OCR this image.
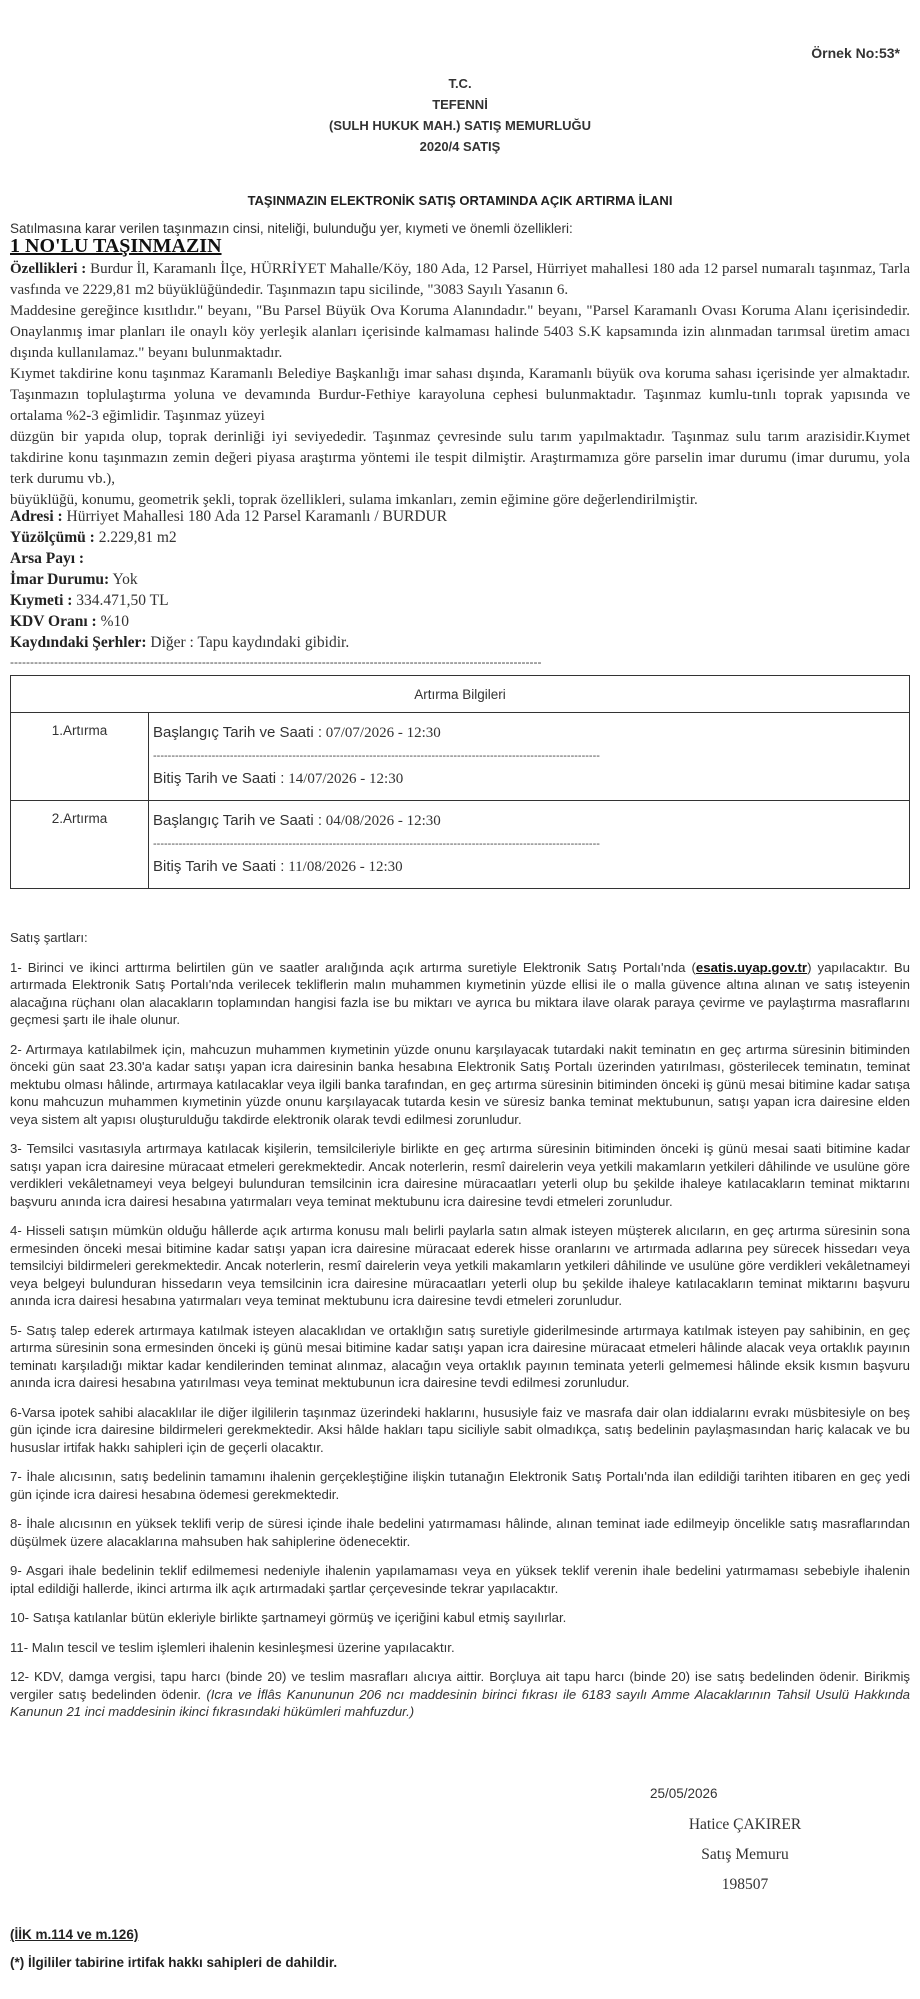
Örnek No:53*
T.C.
TEFENNİ
(SULH HUKUK MAH.) SATIŞ MEMURLUĞU
2020/4 SATIŞ
TAŞINMAZIN ELEKTRONİK SATIŞ ORTAMINDA AÇIK ARTIRMA İLANI
Satılmasına karar verilen taşınmazın cinsi, niteliği, bulunduğu yer, kıymeti ve önemli özellikleri:
1 NO'LU TAŞINMAZIN

Özellikleri : Burdur İl, Karamanlı İlçe, HÜRRİYET Mahalle/Köy, 180 Ada, 12 Parsel, Hürriyet mahallesi 180 ada 12 parsel numaralı taşınmaz, Tarla vasfında ve 2229,81 m2 büyüklüğündedir. Taşınmazın tapu sicilinde, "3083 Sayılı Yasanın 6.

Maddesine gereğince kısıtlıdır." beyanı, "Bu Parsel Büyük Ova Koruma Alanındadır." beyanı, "Parsel Karamanlı Ovası Koruma Alanı içerisindedir. Onaylanmış imar planları ile onaylı köy yerleşik alanları içerisinde kalmaması halinde 5403 S.K kapsamında izin alınmadan tarımsal üretim amacı dışında kullanılamaz." beyanı bulunmaktadır.

Kıymet takdirine konu taşınmaz Karamanlı Belediye Başkanlığı imar sahası dışında, Karamanlı büyük ova koruma sahası içerisinde yer almaktadır. Taşınmazın toplulaştırma yoluna ve devamında Burdur-Fethiye karayoluna cephesi bulunmaktadır. Taşınmaz kumlu-tınlı toprak yapısında ve ortalama %2-3 eğimlidir. Taşınmaz yüzeyi

düzgün bir yapıda olup, toprak derinliği iyi seviyededir. Taşınmaz çevresinde sulu tarım yapılmaktadır. Taşınmaz sulu tarım arazisidir.Kıymet takdirine konu taşınmazın zemin değeri piyasa araştırma yöntemi ile tespit dilmiştir. Araştırmamıza göre parselin imar durumu (imar durumu, yola terk durumu vb.),

büyüklüğü, konumu, geometrik şekli, toprak özellikleri, sulama imkanları, zemin eğimine göre değerlendirilmiştir.

Adresi : Hürriyet Mahallesi 180 Ada 12 Parsel Karamanlı / BURDUR
Yüzölçümü : 2.229,81 m2
Arsa Payı :
İmar Durumu: Yok
Kıymeti : 334.471,50 TL
KDV Oranı : %10
Kaydındaki Şerhler: Diğer : Tapu kaydındaki gibidir.
-------------------------------------------------------------------------------------------------------------------------------------
Artırma Bilgileri	
1.Artırma	Başlangıç Tarih ve Saati : 07/07/2026 - 12:30
--------------------------------------------------------------------------------------------------------------------------
Bitiş Tarih ve Saati : 14/07/2026 - 12:30

2.Artırma	Başlangıç Tarih ve Saati : 04/08/2026 - 12:30
--------------------------------------------------------------------------------------------------------------------------
Bitiş Tarih ve Saati : 11/08/2026 - 12:30

Satış şartları:

1- Birinci ve ikinci arttırma belirtilen gün ve saatler aralığında açık artırma suretiyle Elektronik Satış Portalı'nda (esatis.uyap.gov.tr) yapılacaktır. Bu artırmada Elektronik Satış Portalı'nda verilecek tekliflerin malın muhammen kıymetinin yüzde ellisi ile o malla güvence altına alınan ve satış isteyenin alacağına rüçhanı olan alacakların toplamından hangisi fazla ise bu miktarı ve ayrıca bu miktara ilave olarak paraya çevirme ve paylaştırma masraflarını geçmesi şartı ile ihale olunur.

2- Artırmaya katılabilmek için, mahcuzun muhammen kıymetinin yüzde onunu karşılayacak tutardaki nakit teminatın en geç artırma süresinin bitiminden önceki gün saat 23.30'a kadar satışı yapan icra dairesinin banka hesabına Elektronik Satış Portalı üzerinden yatırılması, gösterilecek teminatın, teminat mektubu olması hâlinde, artırmaya katılacaklar veya ilgili banka tarafından, en geç artırma süresinin bitiminden önceki iş günü mesai bitimine kadar satışa konu mahcuzun muhammen kıymetinin yüzde onunu karşılayacak tutarda kesin ve süresiz banka teminat mektubunun, satışı yapan icra dairesine elden veya sistem alt yapısı oluşturulduğu takdirde elektronik olarak tevdi edilmesi zorunludur.

3- Temsilci vasıtasıyla artırmaya katılacak kişilerin, temsilcileriyle birlikte en geç artırma süresinin bitiminden önceki iş günü mesai saati bitimine kadar satışı yapan icra dairesine müracaat etmeleri gerekmektedir. Ancak noterlerin, resmî dairelerin veya yetkili makamların yetkileri dâhilinde ve usulüne göre verdikleri vekâletnameyi veya belgeyi bulunduran temsilcinin icra dairesine müracaatları yeterli olup bu şekilde ihaleye katılacakların teminat miktarını başvuru anında icra dairesi hesabına yatırmaları veya teminat mektubunu icra dairesine tevdi etmeleri zorunludur.

4- Hisseli satışın mümkün olduğu hâllerde açık artırma konusu malı belirli paylarla satın almak isteyen müşterek alıcıların, en geç artırma süresinin sona ermesinden önceki mesai bitimine kadar satışı yapan icra dairesine müracaat ederek hisse oranlarını ve artırmada adlarına pey sürecek hissedarı veya temsilciyi bildirmeleri gerekmektedir. Ancak noterlerin, resmî dairelerin veya yetkili makamların yetkileri dâhilinde ve usulüne göre verdikleri vekâletnameyi veya belgeyi bulunduran hissedarın veya temsilcinin icra dairesine müracaatları yeterli olup bu şekilde ihaleye katılacakların teminat miktarını başvuru anında icra dairesi hesabına yatırmaları veya teminat mektubunu icra dairesine tevdi etmeleri zorunludur.

5- Satış talep ederek artırmaya katılmak isteyen alacaklıdan ve ortaklığın satış suretiyle giderilmesinde artırmaya katılmak isteyen pay sahibinin, en geç artırma süresinin sona ermesinden önceki iş günü mesai bitimine kadar satışı yapan icra dairesine müracaat etmeleri hâlinde alacak veya ortaklık payının teminatı karşıladığı miktar kadar kendilerinden teminat alınmaz, alacağın veya ortaklık payının teminata yeterli gelmemesi hâlinde eksik kısmın başvuru anında icra dairesi hesabına yatırılması veya teminat mektubunun icra dairesine tevdi edilmesi zorunludur.

6-Varsa ipotek sahibi alacaklılar ile diğer ilgililerin taşınmaz üzerindeki haklarını, hususiyle faiz ve masrafa dair olan iddialarını evrakı müsbitesiyle on beş gün içinde icra dairesine bildirmeleri gerekmektedir. Aksi hâlde hakları tapu siciliyle sabit olmadıkça, satış bedelinin paylaşmasından hariç kalacak ve bu hususlar irtifak hakkı sahipleri için de geçerli olacaktır.

7- İhale alıcısının, satış bedelinin tamamını ihalenin gerçekleştiğine ilişkin tutanağın Elektronik Satış Portalı'nda ilan edildiği tarihten itibaren en geç yedi gün içinde icra dairesi hesabına ödemesi gerekmektedir.

8- İhale alıcısının en yüksek teklifi verip de süresi içinde ihale bedelini yatırmaması hâlinde, alınan teminat iade edilmeyip öncelikle satış masraflarından düşülmek üzere alacaklarına mahsuben hak sahiplerine ödenecektir.

9- Asgari ihale bedelinin teklif edilmemesi nedeniyle ihalenin yapılamaması veya en yüksek teklif verenin ihale bedelini yatırmaması sebebiyle ihalenin iptal edildiği hallerde, ikinci artırma ilk açık artırmadaki şartlar çerçevesinde tekrar yapılacaktır.

10- Satışa katılanlar bütün ekleriyle birlikte şartnameyi görmüş ve içeriğini kabul etmiş sayılırlar.

11- Malın tescil ve teslim işlemleri ihalenin kesinleşmesi üzerine yapılacaktır.

12- KDV, damga vergisi, tapu harcı (binde 20) ve teslim masrafları alıcıya aittir. Borçluya ait tapu harcı (binde 20) ise satış bedelinden ödenir. Birikmiş vergiler satış bedelinden ödenir. (Icra ve İflâs Kanununun 206 ncı maddesinin birinci fıkrası ile 6183 sayılı Amme Alacaklarının Tahsil Usulü Hakkında Kanunun 21 inci maddesinin ikinci fıkrasındaki hükümleri mahfuzdur.)

25/05/2026
Hatice ÇAKIRER
Satış Memuru
198507
(İİK m.114 ve m.126)
(*) İlgililer tabirine irtifak hakkı sahipleri de dahildir.
